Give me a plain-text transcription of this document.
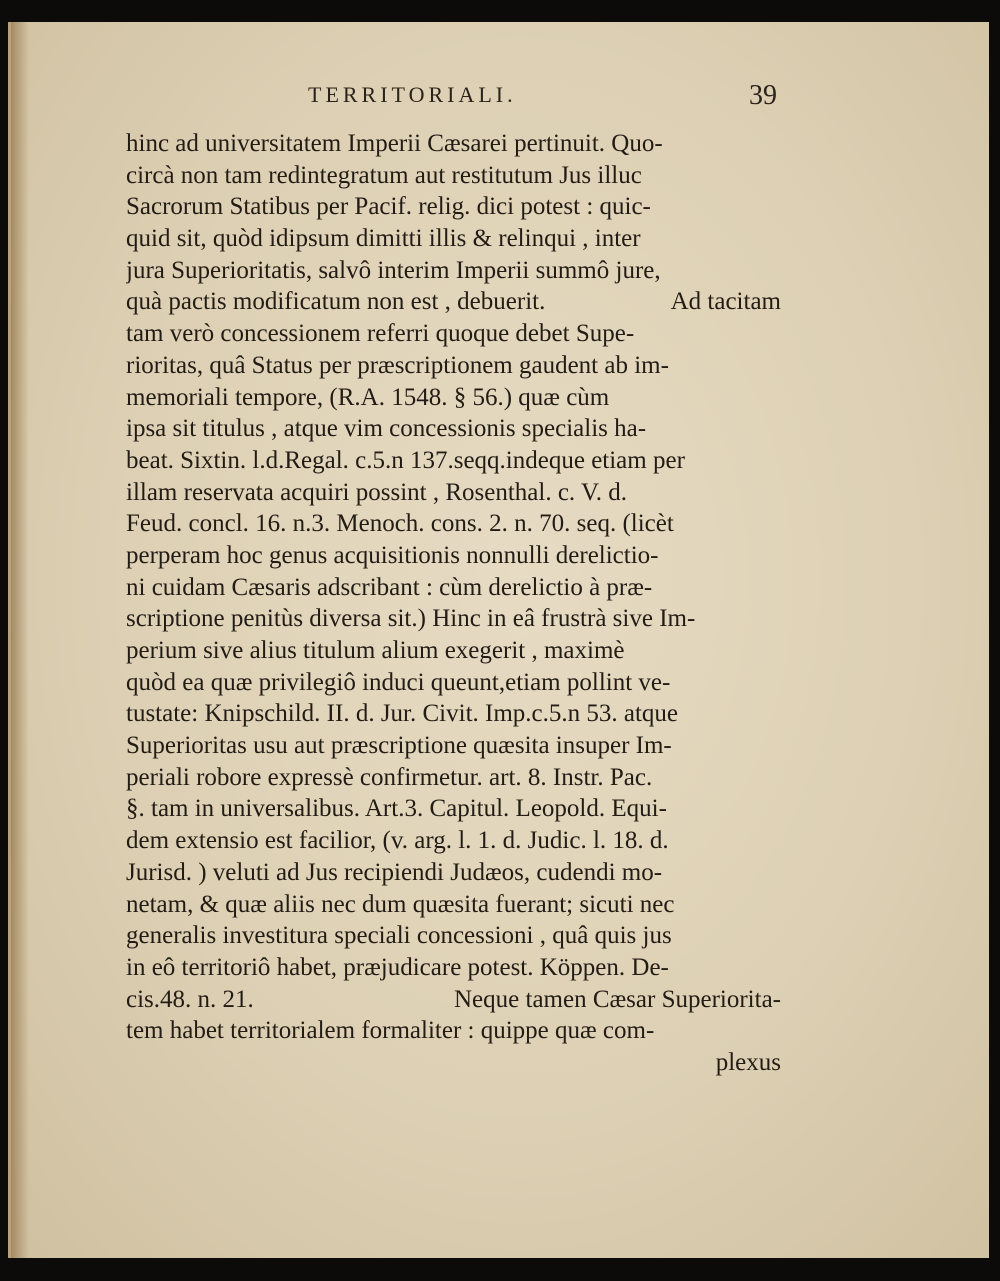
TERRITORIALI.	39
hinc ad universitatem Imperii Cæsarei pertinuit. Quo-
circà non tam redintegratum aut restitutum Jus illuc
Sacrorum Statibus per Pacif. relig. dici potest : quic-
quid sit, quòd idipsum dimitti illis & relinqui , inter
jura Superioritatis, salvô interim Imperii summô jure,
quà pactis modificatum non est , debuerit.	Ad tacitam
tam verò concessionem referri quoque debet Supe-
rioritas, quâ Status per præscriptionem gaudent ab im-
memoriali tempore, (R.A. 1548. § 56.) quæ cùm
ipsa sit titulus , atque vim concessionis specialis ha-
beat. Sixtin. l.d.Regal. c.5.n 137.seqq.indeque etiam per
illam reservata acquiri possint , Rosenthal. c. V. d.
Feud. concl. 16. n.3. Menoch. cons. 2. n. 70. seq. (licèt
perperam hoc genus acquisitionis nonnulli derelictio-
ni cuidam Cæsaris adscribant : cùm derelictio à præ-
scriptione penitùs diversa sit.) Hinc in eâ frustrà sive Im-
perium sive alius titulum alium exegerit , maximè
quòd ea quæ privilegiô induci queunt,etiam pollint ve-
tustate: Knipschild. II. d. Jur. Civit. Imp.c.5.n 53. atque
Superioritas usu aut præscriptione quæsita insuper Im-
periali robore expressè confirmetur. art. 8. Instr. Pac.
§. tam in universalibus. Art.3. Capitul. Leopold. Equi-
dem extensio est facilior, (v. arg. l. 1. d. Judic. l. 18. d.
Jurisd. ) veluti ad Jus recipiendi Judæos, cudendi mo-
netam, & quæ aliis nec dum quæsita fuerant; sicuti nec
generalis investitura speciali concessioni , quâ quis jus
in eô territoriô habet, præjudicare potest. Köppen. De-
cis.48. n. 21.	Neque tamen Cæsar Superiorita-
tem habet territorialem formaliter : quippe quæ com-
plexus
